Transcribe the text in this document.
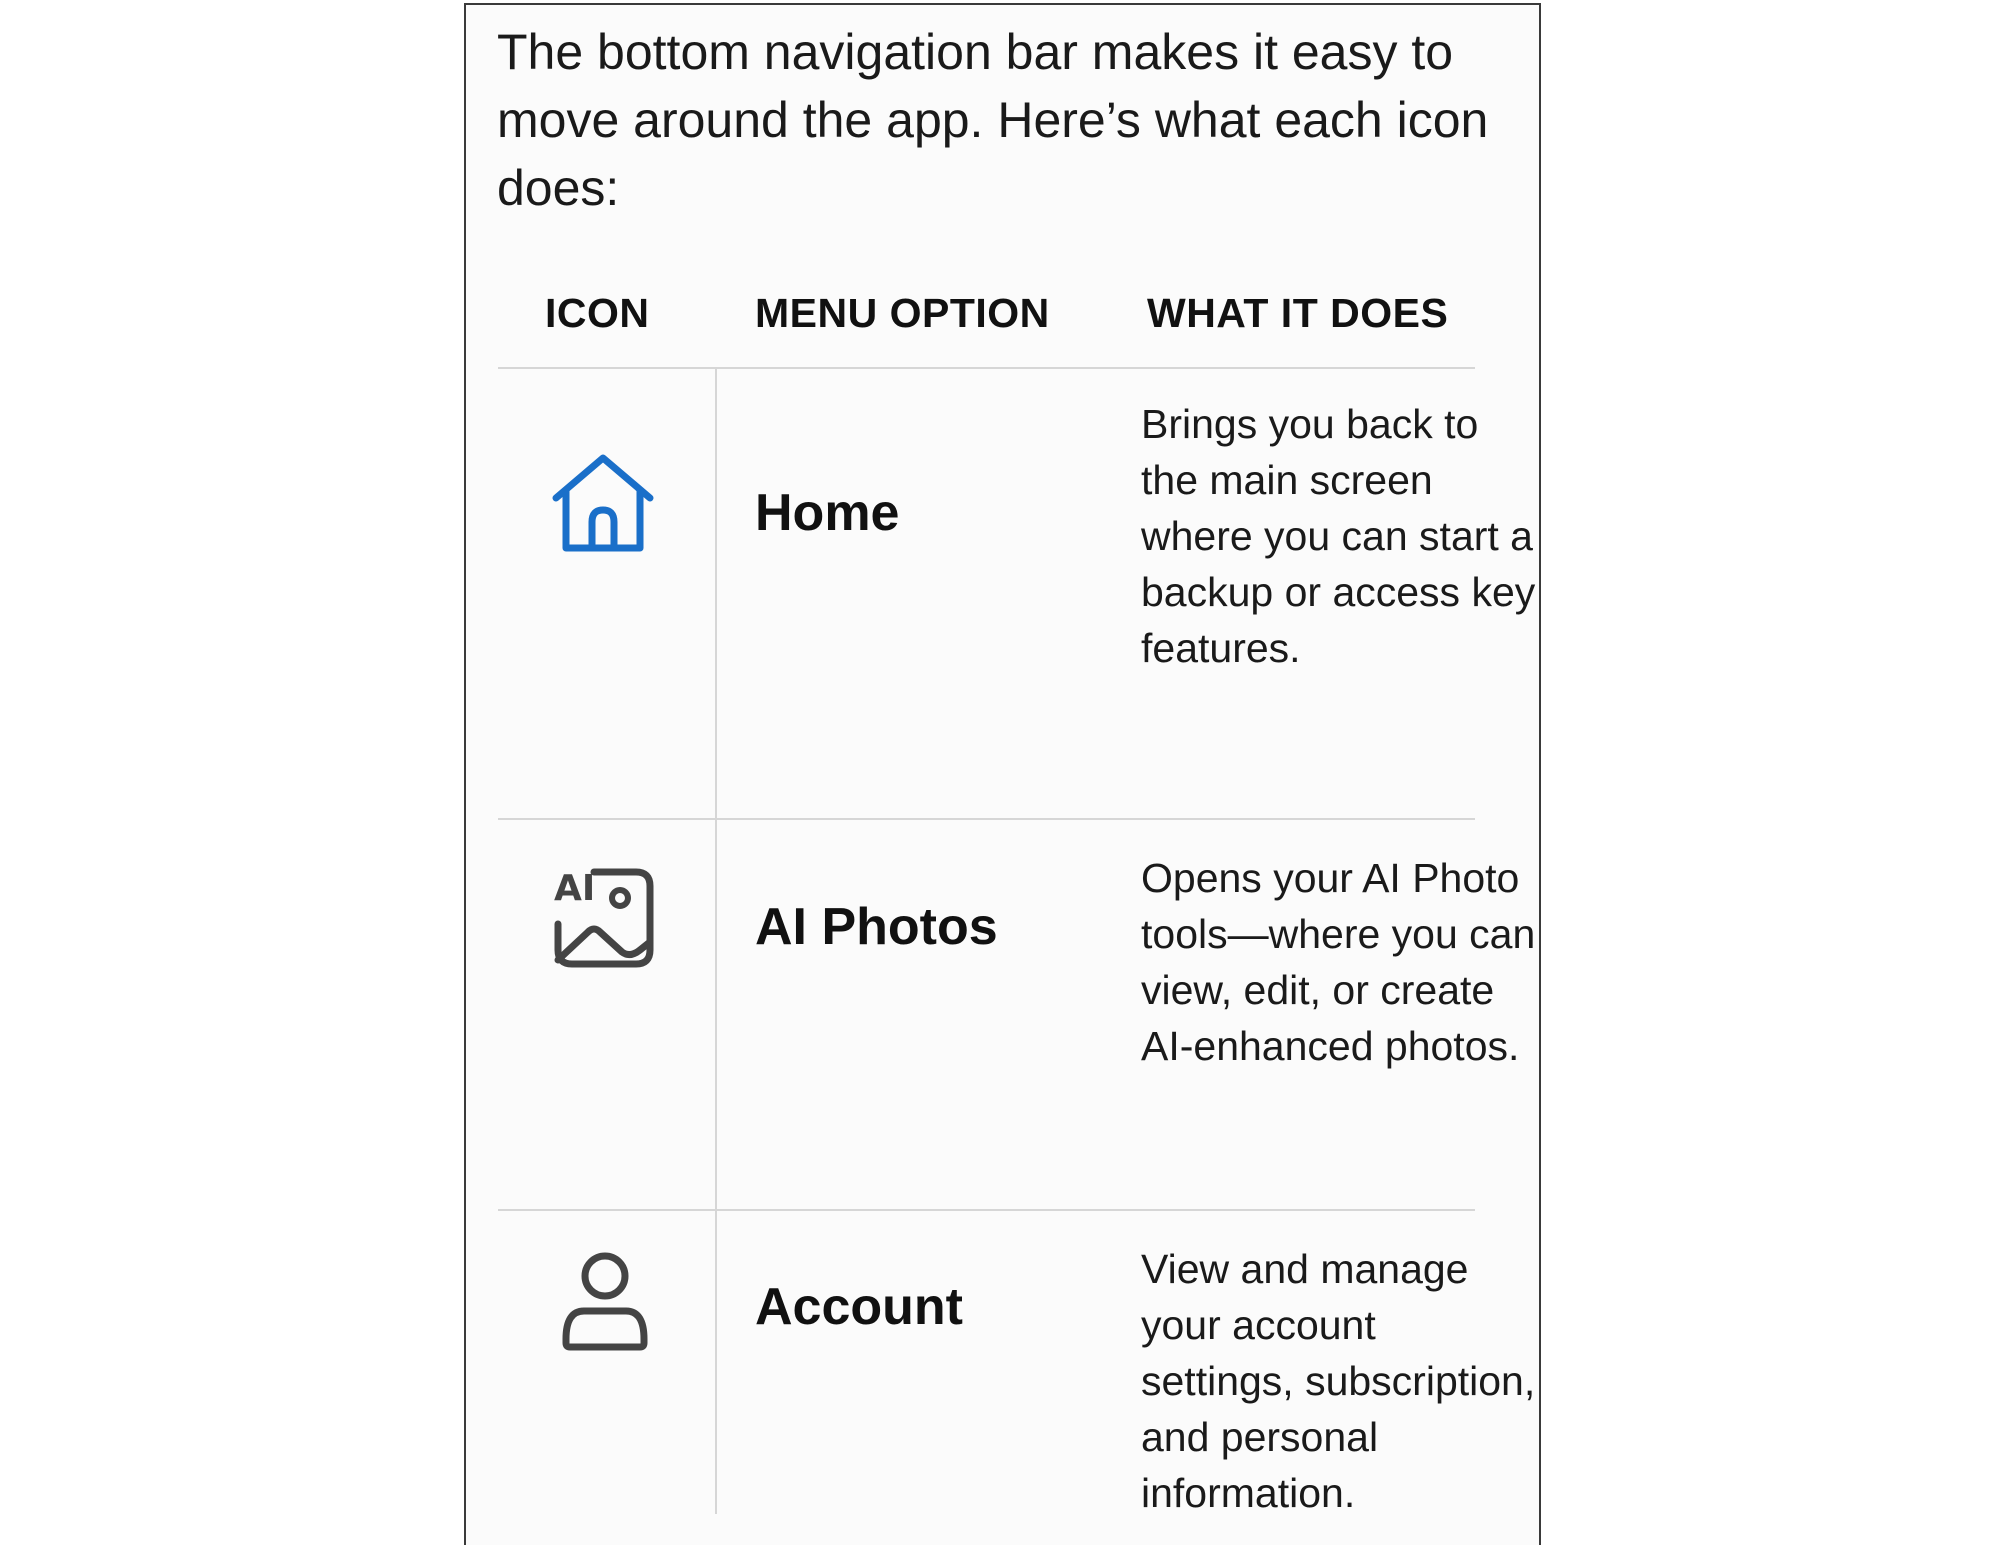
The bottom navigation bar makes it easy to move around the app. Here’s what each icon does:

ICON	MENU OPTION WHAT IT DOES
Home
Brings you back to the main screen where you can start a backup or access key features.
AI
AI Photos
Opens your AI Photo tools—where you can view, edit, or create AI-enhanced photos.
Account
View and manage your account settings, subscription, and personal information.
